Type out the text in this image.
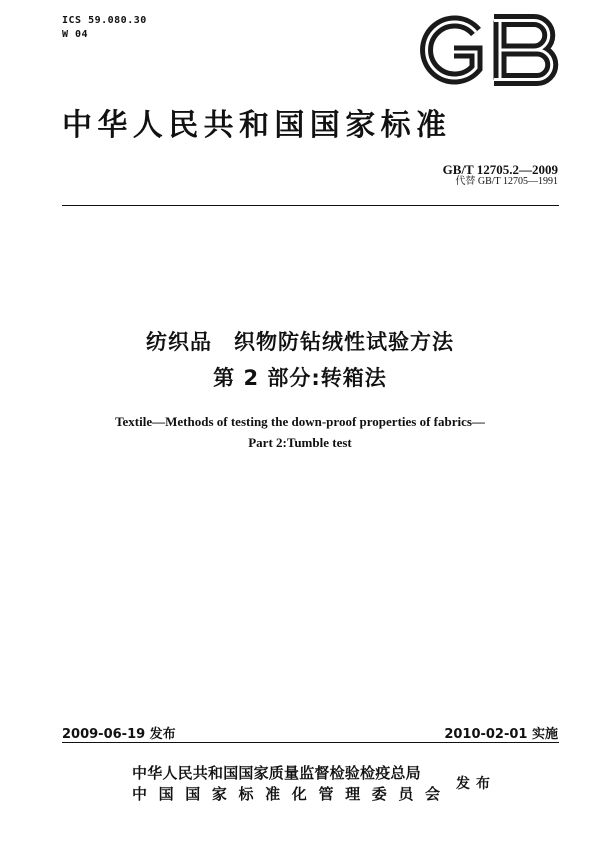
ICS 59.080.30
W 04
中华人民共和国国家标准
GB/T 12705.2—2009
代替 GB/T 12705—1991
纺织品　织物防钻绒性试验方法
第 2 部分:转箱法
Textile—Methods of testing the down-proof properties of fabrics—
Part 2:Tumble test
2009-06-19 发布	2010-02-01 实施
中华人民共和国国家质量监督检验检疫总局
中国国家标准化管理委员会
发布
